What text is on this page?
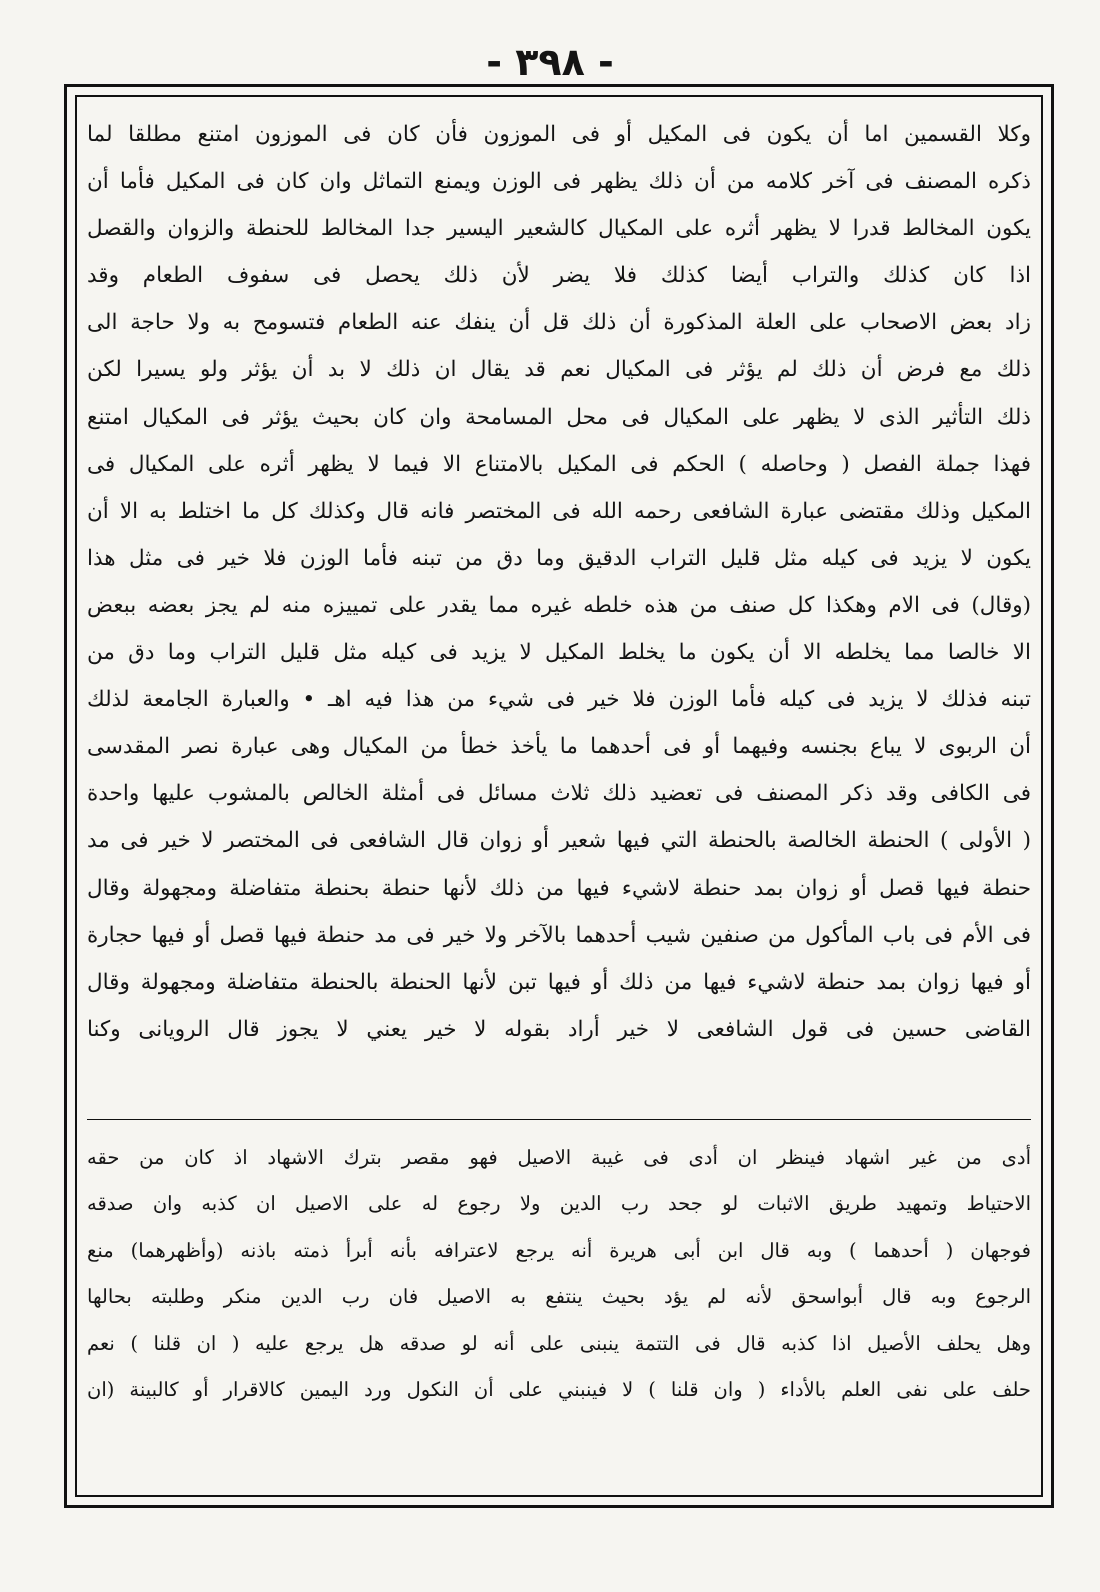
- ٣٩٨ -
وكلا القسمين اما أن يكون فى المكيل أو فى الموزون فأن كان فى الموزون امتنع مطلقا لما
ذكره المصنف فى آخر كلامه من أن ذلك يظهر فى الوزن ويمنع التماثل وان كان فى المكيل فأما أن
يكون المخالط قدرا لا يظهر أثره على المكيال كالشعير اليسير جدا المخالط للحنطة والزوان والقصل
اذا كان كذلك والتراب أيضا كذلك فلا يضر لأن ذلك يحصل فى سفوف الطعام وقد
زاد بعض الاصحاب على العلة المذكورة أن ذلك قل أن ينفك عنه الطعام فتسومح به ولا حاجة الى
ذلك مع فرض أن ذلك لم يؤثر فى المكيال نعم قد يقال ان ذلك لا بد أن يؤثر ولو يسيرا لكن
ذلك التأثير الذى لا يظهر على المكيال فى محل المسامحة وان كان بحيث يؤثر فى المكيال امتنع
فهذا جملة الفصل ( وحاصله ) الحكم فى المكيل بالامتناع الا فيما لا يظهر أثره على المكيال فى
المكيل وذلك مقتضى عبارة الشافعى رحمه الله فى المختصر فانه قال وكذلك كل ما اختلط به الا أن
يكون لا يزيد فى كيله مثل قليل التراب الدقيق وما دق من تبنه فأما الوزن فلا خير فى مثل هذا
(وقال) فى الام وهكذا كل صنف من هذه خلطه غيره مما يقدر على تمييزه منه لم يجز بعضه ببعض
الا خالصا مما يخلطه الا أن يكون ما يخلط المكيل لا يزيد فى كيله مثل قليل التراب وما دق من
تبنه فذلك لا يزيد فى كيله فأما الوزن فلا خير فى شيء من هذا فيه اهـ • والعبارة الجامعة لذلك
أن الربوى لا يباع بجنسه وفيهما أو فى أحدهما ما يأخذ خطأ من المكيال وهى عبارة نصر المقدسى
فى الكافى وقد ذكر المصنف فى تعضيد ذلك ثلاث مسائل فى أمثلة الخالص بالمشوب عليها واحدة
( الأولى ) الحنطة الخالصة بالحنطة التي فيها شعير أو زوان قال الشافعى فى المختصر لا خير فى مد
حنطة فيها قصل أو زوان بمد حنطة لاشيء فيها من ذلك لأنها حنطة بحنطة متفاضلة ومجهولة وقال
فى الأم فى باب المأكول من صنفين شيب أحدهما بالآخر ولا خير فى مد حنطة فيها قصل أو فيها حجارة
أو فيها زوان بمد حنطة لاشيء فيها من ذلك أو فيها تبن لأنها الحنطة بالحنطة متفاضلة ومجهولة وقال
القاضى حسين فى قول الشافعى لا خير أراد بقوله لا خير يعني لا يجوز قال الرويانى وكنا
أدى من غير اشهاد فينظر ان أدى فى غيبة الاصيل فهو مقصر بترك الاشهاد اذ كان من حقه
الاحتياط وتمهيد طريق الاثبات لو جحد رب الدين ولا رجوع له على الاصيل ان كذبه وان صدقه
فوجهان ( أحدهما ) وبه قال ابن أبى هريرة أنه يرجع لاعترافه بأنه أبرأ ذمته باذنه (وأظهرهما) منع
الرجوع وبه قال أبواسحق لأنه لم يؤد بحيث ينتفع به الاصيل فان رب الدين منكر وطلبته بحالها
وهل يحلف الأصيل اذا كذبه قال فى التتمة ينبنى على أنه لو صدقه هل يرجع عليه ( ان قلنا ) نعم
حلف على نفى العلم بالأداء ( وان قلنا ) لا فينبني على أن النكول ورد اليمين كالاقرار أو كالبينة (ان
